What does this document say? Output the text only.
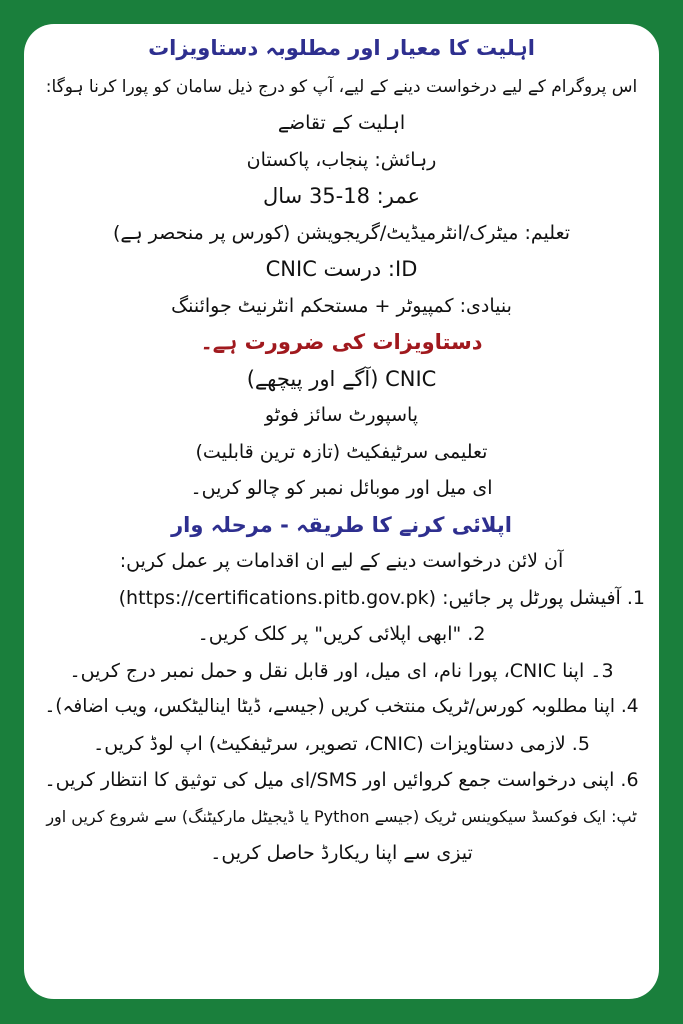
اہلیت کا معیار اور مطلوبہ دستاویزات
اس پروگرام کے لیے درخواست دینے کے لیے، آپ کو درج ذیل سامان کو پورا کرنا ہوگا:
اہلیت کے تقاضے
رہائش: پنجاب، پاکستان
عمر: 18-35 سال
تعلیم: میٹرک/انٹرمیڈیٹ/گریجویشن (کورس پر منحصر ہے)
ID: درست CNIC
بنیادی: کمپیوٹر + مستحکم انٹرنیٹ جوائننگ
دستاویزات کی ضرورت ہے۔
CNIC (آگے اور پیچھے)
پاسپورٹ سائز فوٹو
تعلیمی سرٹیفکیٹ (تازہ ترین قابلیت)
ای میل اور موبائل نمبر کو چالو کریں۔
اپلائی کرنے کا طریقہ - مرحلہ وار
آن لائن درخواست دینے کے لیے ان اقدامات پر عمل کریں:
1. آفیشل پورٹل پر جائیں: (https://certifications.pitb.gov.pk)
2. "ابھی اپلائی کریں" پر کلک کریں۔
3۔ اپنا CNIC، پورا نام، ای میل، اور قابل نقل و حمل نمبر درج کریں۔
4. اپنا مطلوبہ کورس/ٹریک منتخب کریں (جیسے، ڈیٹا اینالیٹکس، ویب اضافہ)۔
5. لازمی دستاویزات (CNIC، تصویر، سرٹیفکیٹ) اپ لوڈ کریں۔
6. اپنی درخواست جمع کروائیں اور SMS/ای میل کی توثیق کا انتظار کریں۔
ٹپ: ایک فوکسڈ سیکوینس ٹریک (جیسے Python یا ڈیجیٹل مارکیٹنگ) سے شروع کریں اور
تیزی سے اپنا ریکارڈ حاصل کریں۔
